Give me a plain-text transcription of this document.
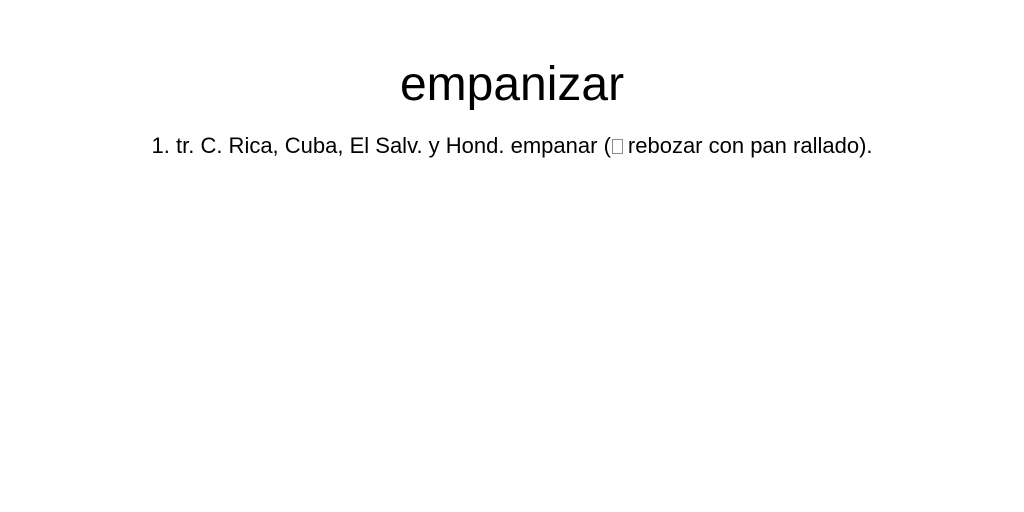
empanizar

1. tr. C. Rica, Cuba, El Salv. y Hond. empanar ( rebozar con pan rallado).
